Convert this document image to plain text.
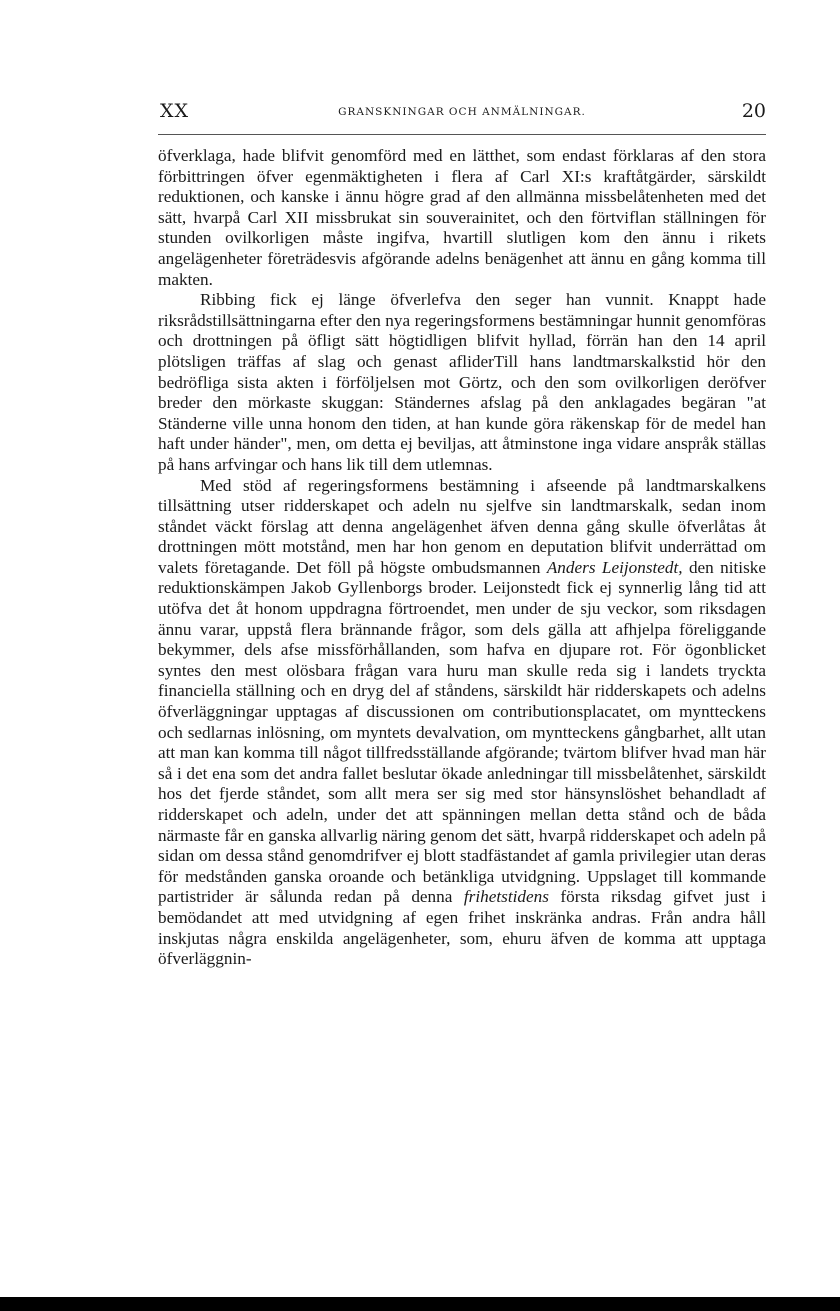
XX	GRANSKNINGAR OCH ANMÄLNINGAR.	20

öfverklaga, hade blifvit genomförd med en lätthet, som endast förklaras af den stora förbittringen öfver egenmäktigheten i flera af Carl XI:s kraftåtgärder, särskildt reduktionen, och kanske i ännu högre grad af den allmänna missbelåtenheten med det sätt, hvarpå Carl XII missbrukat sin souverainitet, och den förtviflan ställningen för stunden ovilkorligen måste ingifva, hvartill slutligen kom den ännu i rikets angelägenheter företrädesvis afgörande adelns benägenhet att ännu en gång komma till makten.

Ribbing fick ej länge öfverlefva den seger han vunnit. Knappt hade riksrådstillsättningarna efter den nya regeringsformens bestämningar hunnit genomföras och drottningen på öfligt sätt högtidligen blifvit hyllad, förrän han den 14 april plötsligen träffas af slag och genast afliderTill hans landtmarskalkstid hör den bedröfliga sista akten i förföljelsen mot Görtz, och den som ovilkorligen deröfver breder den mörkaste skuggan: Ständernes afslag på den anklagades begäran "at Ständerne ville unna honom den tiden, at han kunde göra räkenskap för de medel han haft under händer", men, om detta ej beviljas, att åtminstone inga vidare anspråk ställas på hans arfvingar och hans lik till dem utlemnas.

Med stöd af regeringsformens bestämning i afseende på landtmarskalkens tillsättning utser ridderskapet och adeln nu sjelfve sin landtmarskalk, sedan inom ståndet väckt förslag att denna angelägenhet äfven denna gång skulle öfverlåtas åt drottningen mött motstånd, men har hon genom en deputation blifvit underrättad om valets företagande. Det föll på högste ombudsmannen Anders Leijonstedt, den nitiske reduktionskämpen Jakob Gyllenborgs broder. Leijonstedt fick ej synnerlig lång tid att utöfva det åt honom uppdragna förtroendet, men under de sju veckor, som riksdagen ännu varar, uppstå flera brännande frågor, som dels gälla att afhjelpa föreliggande bekymmer, dels afse missförhållanden, som hafva en djupare rot. För ögonblicket syntes den mest olösbara frågan vara huru man skulle reda sig i landets tryckta financiella ställning och en dryg del af ståndens, särskildt här ridderskapets och adelns öfverläggningar upptagas af discussionen om contributionsplacatet, om myntteckens och sedlarnas inlösning, om myntets devalvation, om myntteckens gångbarhet, allt utan att man kan komma till något tillfredsställande afgörande; tvärtom blifver hvad man här så i det ena som det andra fallet beslutar ökade anledningar till missbelåtenhet, särskildt hos det fjerde ståndet, som allt mera ser sig med stor hänsynslöshet behandladt af ridderskapet och adeln, under det att spänningen mellan detta stånd och de båda närmaste får en ganska allvarlig näring genom det sätt, hvarpå ridderskapet och adeln på sidan om dessa stånd genomdrifver ej blott stadfästandet af gamla privilegier utan deras för medstånden ganska oroande och betänkliga utvidgning. Uppslaget till kommande partistrider är sålunda redan på denna frihetstidens första riksdag gifvet just i bemödandet att med utvidgning af egen frihet inskränka andras. Från andra håll inskjutas några enskilda angelägenheter, som, ehuru äfven de komma att upptaga öfverläggnin-
